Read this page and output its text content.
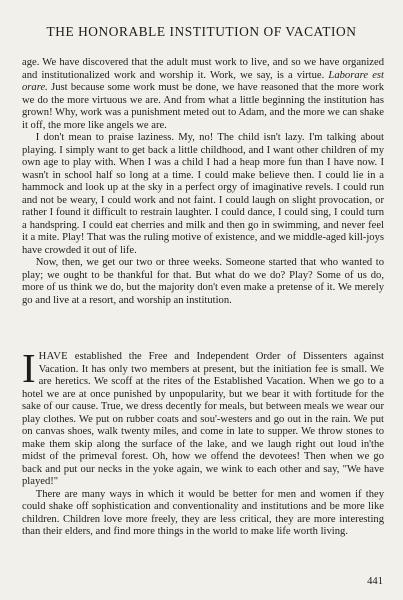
THE HONORABLE INSTITUTION OF VACATION

age. We have discovered that the adult must work to live, and so we have organized and institutionalized work and worship it. Work, we say, is a virtue. Laborare est orare. Just because some work must be done, we have reasoned that the more work we do the more virtuous we are. And from what a little beginning the institution has grown! Why, work was a punishment meted out to Adam, and the more we can shake it off, the more like angels we are.

I don't mean to praise laziness. My, no! The child isn't lazy. I'm talking about playing. I simply want to get back a little childhood, and I want other children of my own age to play with. When I was a child I had a heap more fun than I have now. I wasn't in school half so long at a time. I could make believe then. I could lie in a hammock and look up at the sky in a perfect orgy of imaginative revels. I could run and not be weary, I could work and not faint. I could laugh on slight provocation, or rather I found it difficult to restrain laughter. I could dance, I could sing, I could turn a handspring. I could eat cherries and milk and then go in swimming, and never feel it a mite. Play! That was the ruling motive of existence, and we middle-aged kill-joys have crowded it out of life.

Now, then, we get our two or three weeks. Someone started that who wanted to play; we ought to be thankful for that. But what do we do? Play? Some of us do, more of us think we do, but the majority don't even make a pretense of it. We merely go and live at a resort, and worship an institution.

IHAVE established the Free and Independent Order of Dissenters against Vacation. It has only two members at present, but the initiation fee is small. We are heretics. We scoff at the rites of the Established Vacation. When we go to a hotel we are at once punished by unpopularity, but we bear it with fortitude for the sake of our cause. True, we dress decently for meals, but between meals we wear our play clothes. We put on rubber coats and sou'-westers and go out in the rain. We put on canvas shoes, walk twenty miles, and come in late to supper. We throw stones to make them skip along the surface of the lake, and we laugh right out loud in'the midst of the primeval forest. Oh, how we offend the devotees! Then when we go back and put our necks in the yoke again, we wink to each other and say, "We have played!"

There are many ways in which it would be better for men and women if they could shake off sophistication and conventionality and institutions and be more like children. Children love more freely, they are less critical, they are more interesting than their elders, and find more things in the world to make life worth living.

441
